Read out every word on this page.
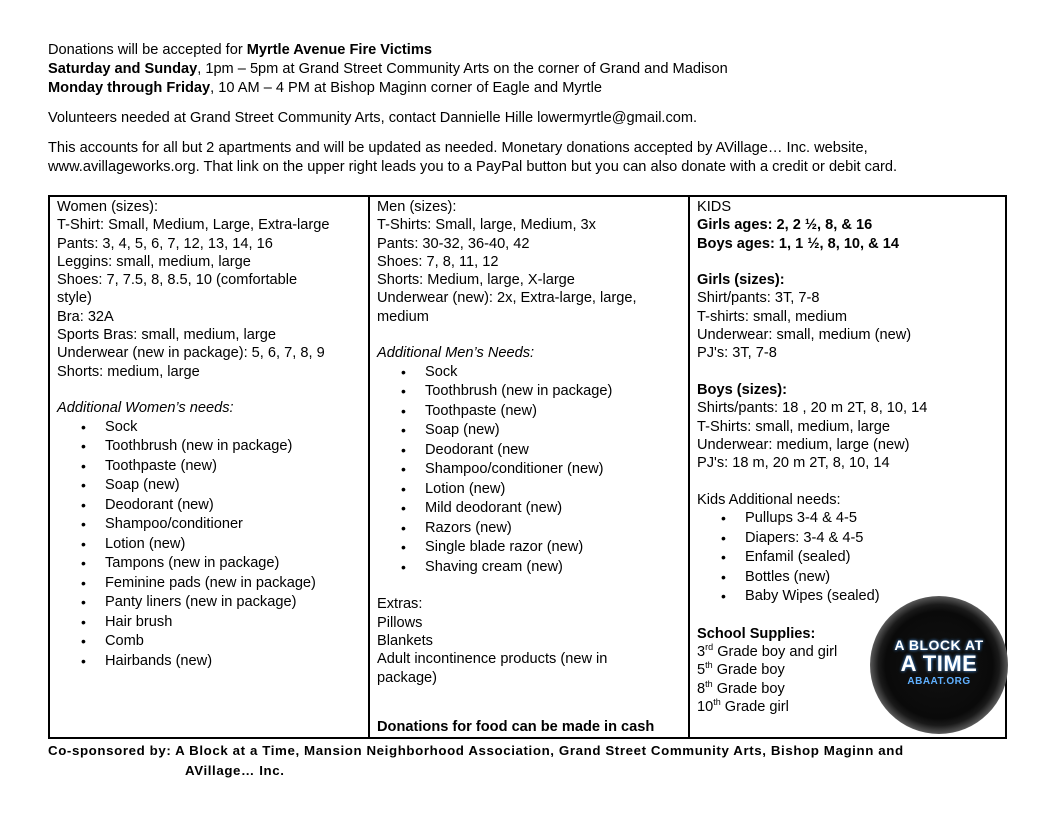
Donations will be accepted for Myrtle Avenue Fire Victims

Saturday and Sunday, 1pm – 5pm at Grand Street Community Arts on the corner of Grand and Madison

Monday through Friday, 10 AM – 4 PM at Bishop Maginn corner of Eagle and Myrtle

Volunteers needed at Grand Street Community Arts, contact Dannielle Hille lowermyrtle@gmail.com.

This accounts for all but 2 apartments and will be updated as needed. Monetary donations accepted by AVillage… Inc. website,

www.avillageworks.org. That link on the upper right leads you to a PayPal button but you can also donate with a credit or debit card.

Women (sizes):
T-Shirt: Small, Medium, Large, Extra-large
Pants: 3, 4, 5, 6, 7, 12, 13, 14, 16
Leggins: small, medium, large
Shoes: 7, 7.5, 8, 8.5, 10 (comfortable
style)
Bra: 32A
Sports Bras: small, medium, large
Underwear (new in package): 5, 6, 7, 8, 9
Shorts: medium, large
Additional Women’s needs:
• Sock
• Toothbrush (new in package)
• Toothpaste (new)
• Soap (new)
• Deodorant (new)
• Shampoo/conditioner
• Lotion (new)
• Tampons (new in package)
• Feminine pads (new in package)
• Panty liners (new in package)
• Hair brush
• Comb
• Hairbands (new)
Men (sizes):
T-Shirts: Small, large, Medium, 3x
Pants: 30-32, 36-40, 42
Shoes: 7, 8, 11, 12
Shorts: Medium, large, X-large
Underwear (new): 2x, Extra-large, large,
medium
Additional Men’s Needs:
• Sock
• Toothbrush (new in package)
• Toothpaste (new)
• Soap (new)
• Deodorant (new
• Shampoo/conditioner (new)
• Lotion (new)
• Mild deodorant (new)
• Razors (new)
• Single blade razor (new)
• Shaving cream (new)
Extras:
Pillows
Blankets
Adult incontinence products (new in
package)
Donations for food can be made in cash
KIDS
Girls ages: 2, 2 ½, 8, & 16
Boys ages: 1, 1 ½, 8, 10, & 14
Girls (sizes):
Shirt/pants: 3T, 7-8
T-shirts: small, medium
Underwear: small, medium (new)
PJ's: 3T, 7-8
Boys (sizes):
Shirts/pants: 18 , 20 m 2T, 8, 10, 14
T-Shirts: small, medium, large
Underwear: medium, large (new)
PJ's: 18 m, 20 m 2T, 8, 10, 14
Kids Additional needs:
• Pullups 3-4 & 4-5
• Diapers: 3-4 & 4-5
• Enfamil (sealed)
• Bottles (new)
• Baby Wipes (sealed)
School Supplies:
3rd Grade boy and girl
5th Grade boy
8th Grade boy
10th Grade girl
A BLOCK AT
A TIME
ABAAT.ORG
Co-sponsored by: A Block at a Time, Mansion Neighborhood Association, Grand Street Community Arts, Bishop Maginn and
AVillage… Inc.
